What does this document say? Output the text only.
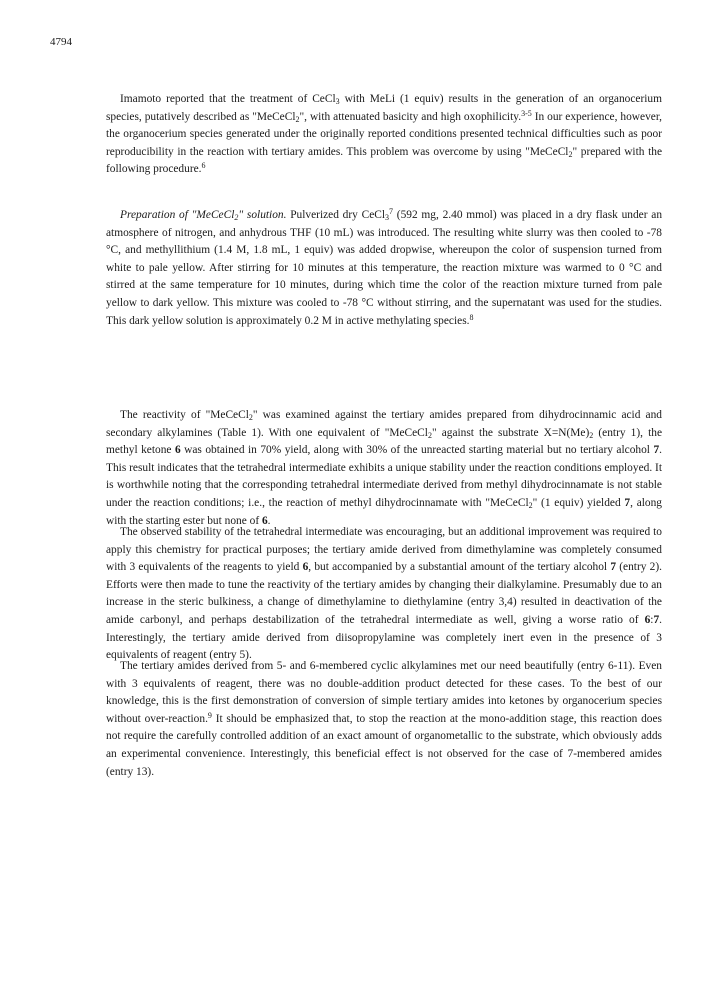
4794

Imamoto reported that the treatment of CeCl$_3$ with MeLi (1 equiv) results in the generation of an organocerium species, putatively described as "MeCeCl$_2$", with attenuated basicity and high oxophilicity.$^{3-5}$ In our experience, however, the organocerium species generated under the originally reported conditions presented technical difficulties such as poor reproducibility in the reaction with tertiary amides. This problem was overcome by using "MeCeCl$_2$" prepared with the following procedure.$^6$

Preparation of "MeCeCl$_2$" solution. Pulverized dry CeCl$_3^7$ (592 mg, 2.40 mmol) was placed in a dry flask under an atmosphere of nitrogen, and anhydrous THF (10 mL) was introduced. The resulting white slurry was then cooled to -78 °C, and methyllithium (1.4 M, 1.8 mL, 1 equiv) was added dropwise, whereupon the color of suspension turned from white to pale yellow. After stirring for 10 minutes at this temperature, the reaction mixture was warmed to 0 °C and stirred at the same temperature for 10 minutes, during which time the color of the reaction mixture turned from pale yellow to dark yellow. This mixture was cooled to -78 °C without stirring, and the supernatant was used for the studies. This dark yellow solution is approximately 0.2 M in active methylating species.$^8$

The reactivity of "MeCeCl$_2$" was examined against the tertiary amides prepared from dihydrocinnamic acid and secondary alkylamines (Table 1). With one equivalent of "MeCeCl$_2$" against the substrate $X=N(Me)_2$ (entry 1), the methyl ketone 6 was obtained in 70% yield, along with 30% of the unreacted starting material but no tertiary alcohol 7. This result indicates that the tetrahedral intermediate exhibits a unique stability under the reaction conditions employed. It is worthwhile noting that the corresponding tetrahedral intermediate derived from methyl dihydrocinnamate is not stable under the reaction conditions; i.e., the reaction of methyl dihydrocinnamate with "MeCeCl$_2$" (1 equiv) yielded 7, along with the starting ester but none of 6.

The observed stability of the tetrahedral intermediate was encouraging, but an additional improvement was required to apply this chemistry for practical purposes; the tertiary amide derived from dimethylamine was completely consumed with 3 equivalents of the reagents to yield 6, but accompanied by a substantial amount of the tertiary alcohol 7 (entry 2). Efforts were then made to tune the reactivity of the tertiary amides by changing their dialkylamine. Presumably due to an increase in the steric bulkiness, a change of dimethylamine to diethylamine (entry 3,4) resulted in deactivation of the amide carbonyl, and perhaps destabilization of the tetrahedral intermediate as well, giving a worse ratio of 6:7. Interestingly, the tertiary amide derived from diisopropylamine was completely inert even in the presence of 3 equivalents of reagent (entry 5).

The tertiary amides derived from 5- and 6-membered cyclic alkylamines met our need beautifully (entry 6-11). Even with 3 equivalents of reagent, there was no double-addition product detected for these cases. To the best of our knowledge, this is the first demonstration of conversion of simple tertiary amides into ketones by organocerium species without over-reaction.$^9$ It should be emphasized that, to stop the reaction at the mono-addition stage, this reaction does not require the carefully controlled addition of an exact amount of organometallic to the substrate, which obviously adds an experimental convenience. Interestingly, this beneficial effect is not observed for the case of 7-membered amides (entry 13).
